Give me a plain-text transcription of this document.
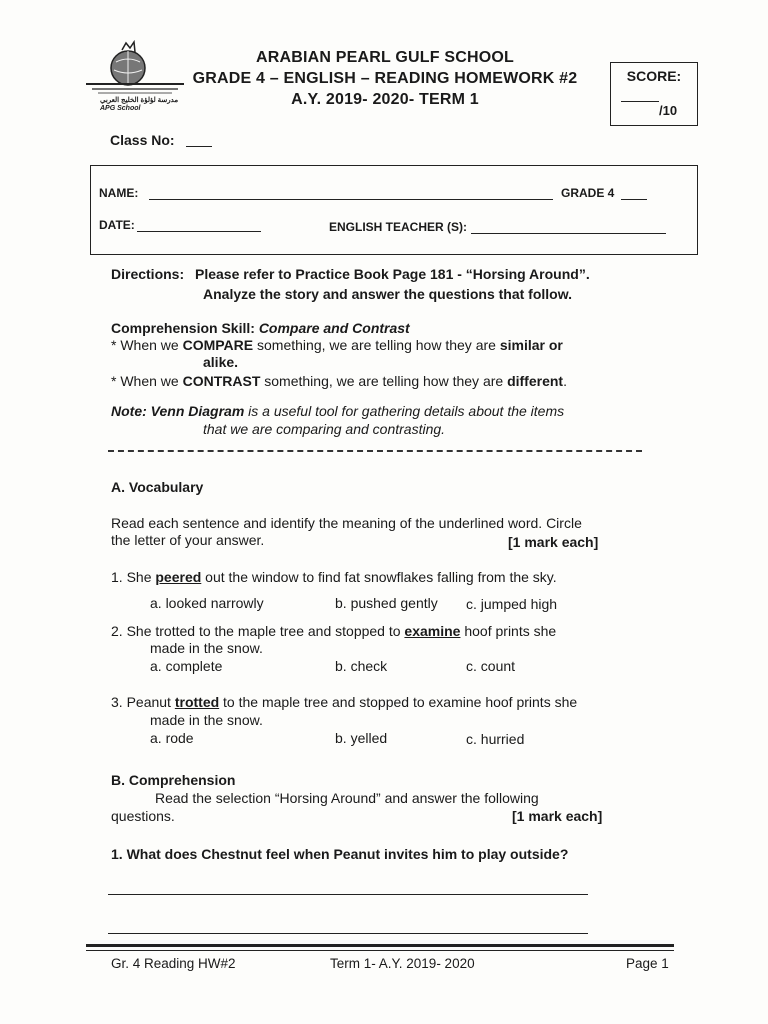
مدرسة لؤلؤة الخليج العربي
APG School
ARABIAN PEARL GULF SCHOOL
GRADE 4 – ENGLISH – READING HOMEWORK #2
A.Y. 2019- 2020- TERM 1
SCORE:
/10
Class No:
NAME:	GRADE 4
DATE:	ENGLISH TEACHER (S):
Directions: Please refer to Practice Book Page 181 - “Horsing Around”.
Analyze the story and answer the questions that follow.
Comprehension Skill: Compare and Contrast
* When we COMPARE something, we are telling how they are similar or
alike.
* When we CONTRAST something, we are telling how they are different.
Note: Venn Diagram is a useful tool for gathering details about the items
that we are comparing and contrasting.
A. Vocabulary
Read each sentence and identify the meaning of the underlined word. Circle
the letter of your answer.	[1 mark each]
1. She peered out the window to find fat snowflakes falling from the sky.
a. looked narrowly	b. pushed gently c. jumped high
2. She trotted to the maple tree and stopped to examine hoof prints she
made in the snow.
a. complete	b. check	c. count
3. Peanut trotted to the maple tree and stopped to examine hoof prints she
made in the snow.
a. rode	b. yelled	c. hurried
B. Comprehension
Read the selection “Horsing Around” and answer the following
questions.	[1 mark each]
1. What does Chestnut feel when Peanut invites him to play outside?
Gr. 4 Reading HW#2	Term 1- A.Y. 2019- 2020	Page 1
